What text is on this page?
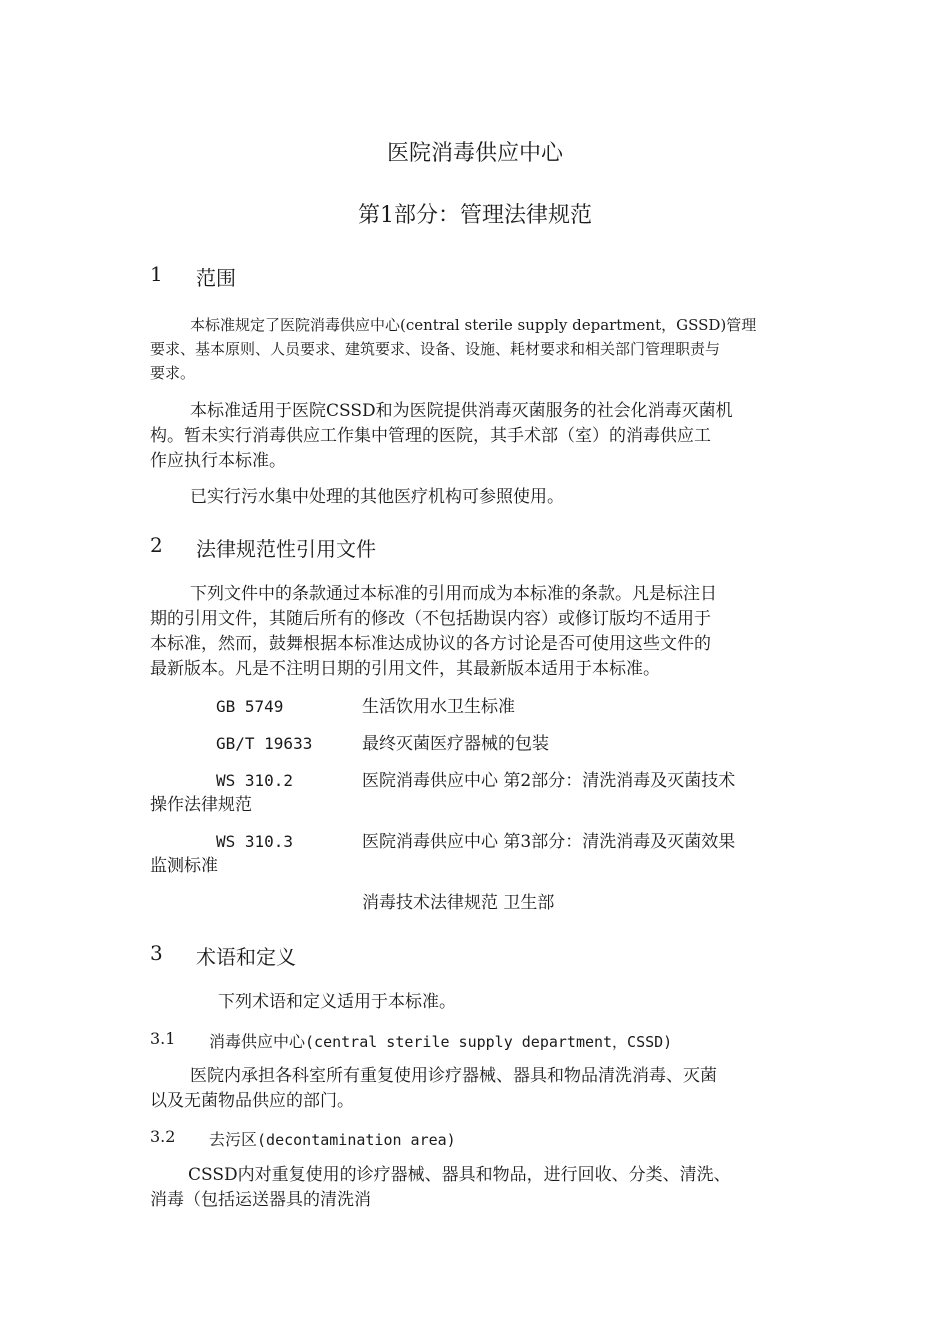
医院消毒供应中心
第1部分：管理法律规范
1 范围
本标准规定了医院消毒供应中心(central sterile supply department，GSSD)管理
要求、基本原则、人员要求、建筑要求、设备、设施、耗材要求和相关部门管理职责与
要求。
本标准适用于医院CSSD和为医院提供消毒灭菌服务的社会化消毒灭菌机
构。暂未实行消毒供应工作集中管理的医院，其手术部（室）的消毒供应工
作应执行本标准。
已实行污水集中处理的其他医疗机构可参照使用。
2 法律规范性引用文件
下列文件中的条款通过本标准的引用而成为本标准的条款。凡是标注日
期的引用文件，其随后所有的修改（不包括勘误内容）或修订版均不适用于
本标准，然而，鼓舞根据本标准达成协议的各方讨论是否可使用这些文件的
最新版本。凡是不注明日期的引用文件，其最新版本适用于本标准。
GB 5749	生活饮用水卫生标准
GB/T 19633	最终灭菌医疗器械的包装
WS 310.2	医院消毒供应中心 第2部分：清洗消毒及灭菌技术
操作法律规范
WS 310.3	医院消毒供应中心 第3部分：清洗消毒及灭菌效果
监测标准
消毒技术法律规范 卫生部
3 术语和定义
下列术语和定义适用于本标准。
3.1 消毒供应中心(central sterile supply department，CSSD)
医院内承担各科室所有重复使用诊疗器械、器具和物品清洗消毒、灭菌
以及无菌物品供应的部门。
3.2 去污区(decontamination area)
CSSD内对重复使用的诊疗器械、器具和物品，进行回收、分类、清洗、
消毒（包括运送器具的清洗消
